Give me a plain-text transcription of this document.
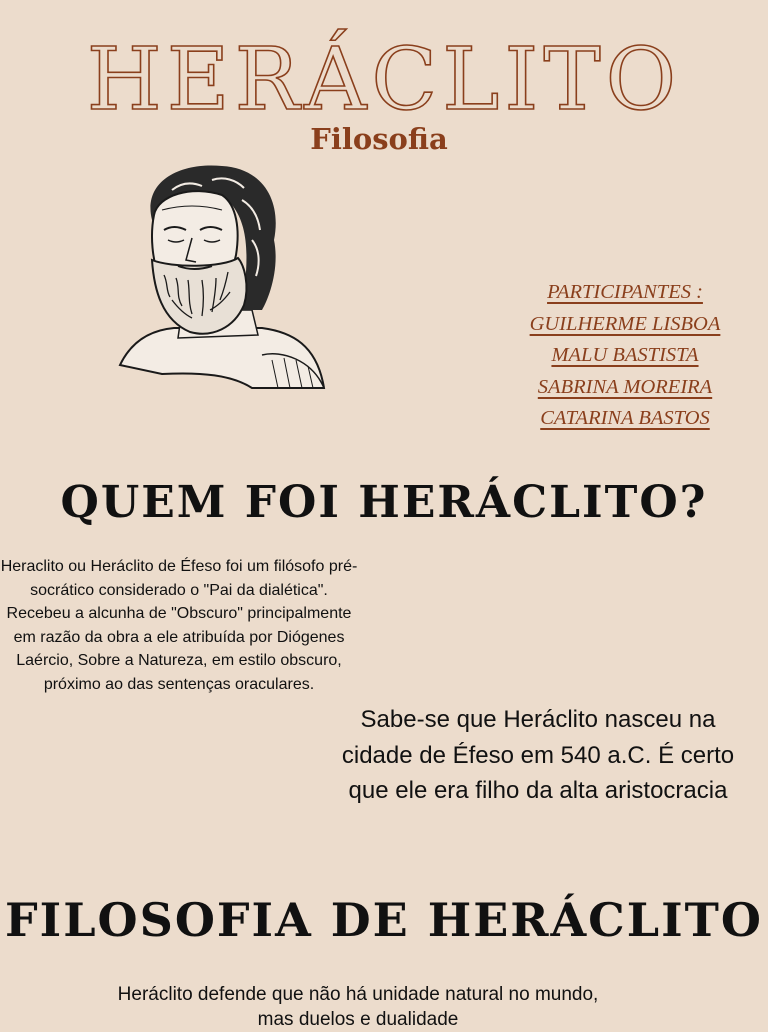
HERÁCLITO
Filosofia
PARTICIPANTES :
GUILHERME LISBOA
MALU BASTISTA
SABRINA MOREIRA
CATARINA BASTOS
QUEM FOI HERÁCLITO?
Heraclito ou Heráclito de Éfeso foi um filósofo pré-socrático considerado o "Pai da dialética". Recebeu a alcunha de "Obscuro" principalmente em razão da obra a ele atribuída por Diógenes Laércio, Sobre a Natureza, em estilo obscuro, próximo ao das sentenças oraculares.
Sabe-se que Heráclito nasceu na cidade de Éfeso em 540 a.C. É certo que ele era filho da alta aristocracia
FILOSOFIA DE HERÁCLITO
Heráclito defende que não há unidade natural no mundo, mas duelos e dualidade
